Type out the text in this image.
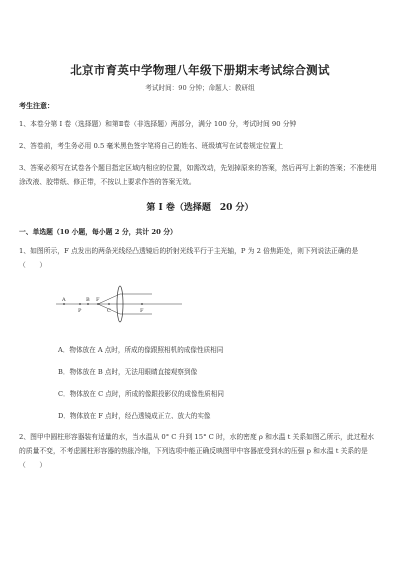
北京市育英中学物理八年级下册期末考试综合测试
考试时间：90 分钟；命题人：教研组
考生注意：
1、本卷分第 I 卷（选择题）和第Ⅱ卷（非选择题）两部分，满分 100 分，考试时间 90 分钟
2、答卷前，考生务必用 0.5 毫米黑色签字笔将自己的姓名、班级填写在试卷规定位置上
3、答案必须写在试卷各个题目指定区域内相应的位置，如需改动，先划掉原来的答案，然后再写上新的答案；不准使用涂改液、胶带纸、修正带，不按以上要求作答的答案无效。
第 I 卷（选择题　20 分）
一、单选题（10 小题，每小题 2 分，共计 20 分）
1、如图所示，F 点发出的两条光线经凸透镜后的折射光线平行于主光轴，P 为 2 倍焦距处，则下列说法正确的是（　　）
A	B F
C
P	F
A．物体放在 A 点时，所成的像跟照相机的成像性质相同
B．物体放在 B 点时，无法用眼睛直接观察到像
C．物体放在 C 点时，所成的像跟投影仪的成像性质相同
D．物体放在 F 点时，经凸透镜成正立、放大的实像
2、图甲中圆柱形容器装有适量的水，当水温从 0° C 升到 15° C 时，水的密度 ρ 和水温 t 关系如图乙所示，此过程水的质量不变，不考虑圆柱形容器的热胀冷缩，下列选项中能正确反映图甲中容器底受到水的压强 p 和水温 t 关系的是（　　）
